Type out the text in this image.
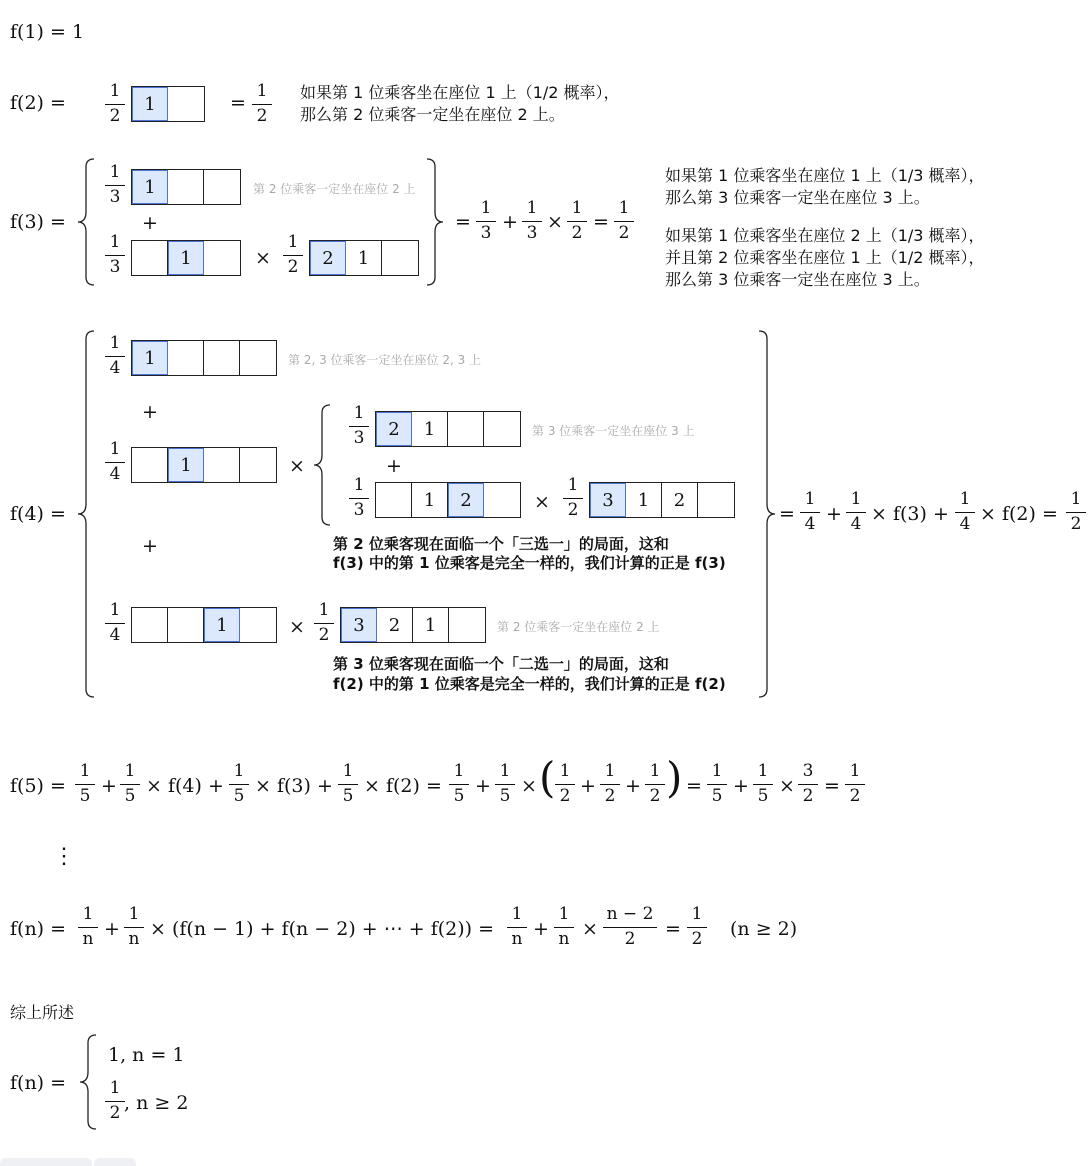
f(1) = 1
f(2) =
1
2
1	=
1
2
如果第 1 位乘客坐在座位 1 上（1/2 概率），
那么第 2 位乘客一定坐在座位 2 上。
f(3) =
1
3	1	第 2 位乘客一定坐在座位 2 上
+
1
3	1	×
1
2	2	1
=
1
3 +
1
3 ×
1
2 =
1
2
如果第 1 位乘客坐在座位 1 上（1/3 概率），
那么第 3 位乘客一定坐在座位 3 上。
如果第 1 位乘客坐在座位 2 上（1/3 概率），
并且第 2 位乘客坐在座位 1 上（1/2 概率），
那么第 3 位乘客一定坐在座位 3 上。
f(4) =
1
4	1	第 2, 3 位乘客一定坐在座位 2, 3 上
+
1
4	1	×
1
3	2	1	第 3 位乘客一定坐在座位 3 上
+
1
3	1	2	×
1
2	3	1	2
第 2 位乘客现在面临一个「三选一」的局面，这和
f(3) 中的第 1 位乘客是完全一样的，我们计算的正是 f(3)
+
1
4	1	×
1
2	3	2	1	第 2 位乘客一定坐在座位 2 上
第 3 位乘客现在面临一个「二选一」的局面，这和
f(2) 中的第 1 位乘客是完全一样的，我们计算的正是 f(2)
=
1
4 +
1
4 × f(3) +
1
4 × f(2) =
1
2
f(5) =
1
5 +
1
5 × f(4) +
1
5 × f(3) +
1
5 × f(2) =
1
5 +
1
5 × ( 1
2 +
1
2 +
1
2 ) =
1
5 +
1
5 ×
3
2 =
1
2
⋮
f(n) =
1
n +
1
n × (f(n − 1) + f(n − 2) + ⋯ + f(2)) =
1
n +
1
n ×
n − 2
2	=
1
2	(n ≥ 2)
综上所述
f(n) =
1, n = 1
1
2 , n ≥ 2
